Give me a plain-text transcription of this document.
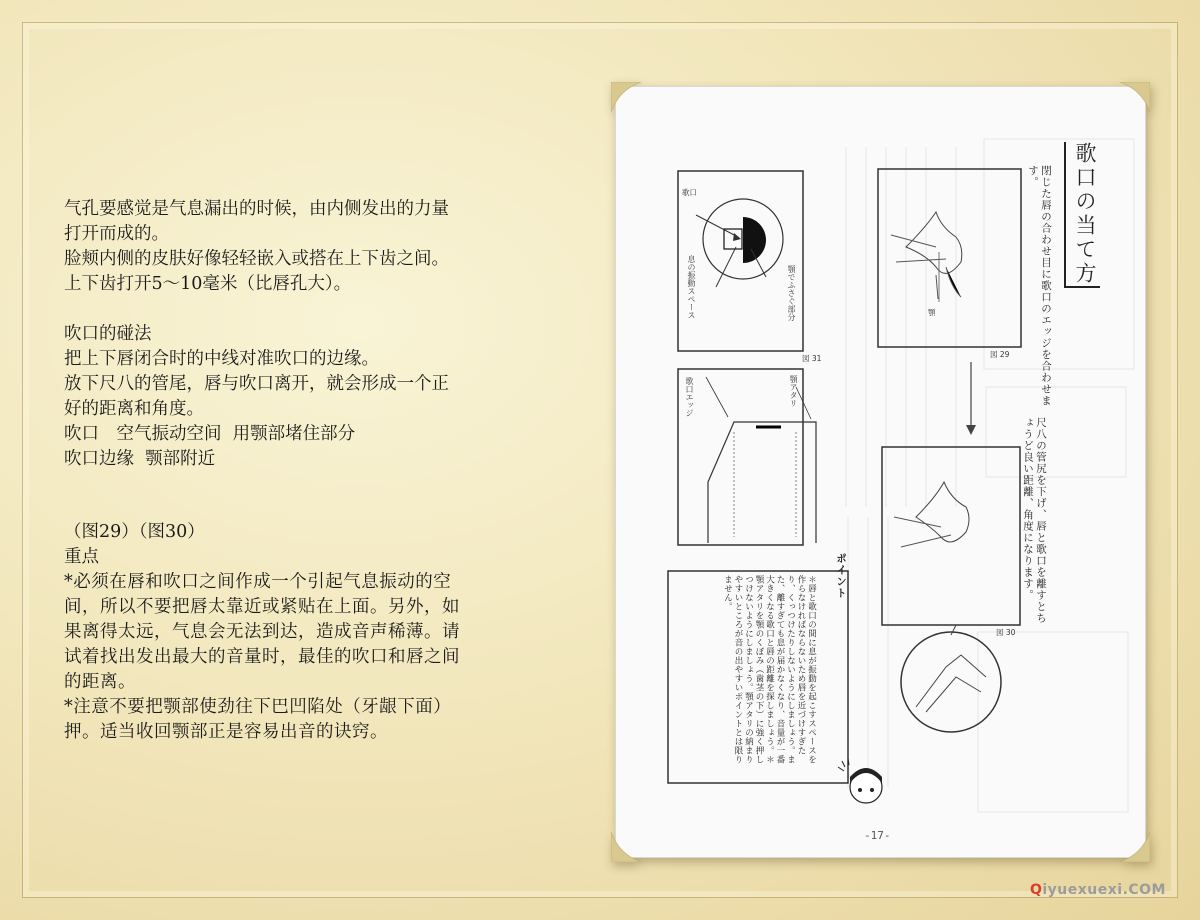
气孔要感觉是气息漏出的时候，由内侧发出的力量
打开而成的。
脸颊内侧的皮肤好像轻轻嵌入或搭在上下齿之间。
上下齿打开5～10毫米（比唇孔大）。

吹口的碰法
把上下唇闭合时的中线对准吹口的边缘。
放下尺八的管尾，唇与吹口离开，就会形成一个正
好的距离和角度。
吹口　空气振动空间  用颚部堵住部分
吹口边缘  颚部附近

（图29）（图30）
重点

*必须在唇和吹口之间作成一个引起气息振动的空
间，所以不要把唇太靠近或紧贴在上面。另外，如
果离得太远，气息会无法到达，造成音声稀薄。请
试着找出发出最大的音量时，最佳的吹口和唇之间
的距离。

*注意不要把颚部使劲往下巴凹陷处（牙龈下面）
押。适当收回颚部正是容易出音的诀窍。

歌口の当て方
閉じた唇の合わせ目に歌口のエッジを合わせます。
尺八の管尻を下げ、唇と歌口を離すとちょうど良い距離、角度になります。
ポイント
＊唇と歌口の間に息が振動を起こすスペースを作らなければならないため唇を近づけすぎたり、くっつけたりしないようにしましょう。また、離すぎても息が届かなくなり、音量が一番大きくなる歌口と唇の距離を探しましょう。＊顎アタリを顎のくぼみ（歯茎の下）に強く押しつけないようにしましょう。顎アタリの納まりやすいところが音の出やすいポイントとは限りません。
図 29
図 30
図 31
歌口
顎
息の振動スペース	顎でふさぐ部分
歌口エッジ	顎アタリ
-17-
Qiyuexuexi.COM
